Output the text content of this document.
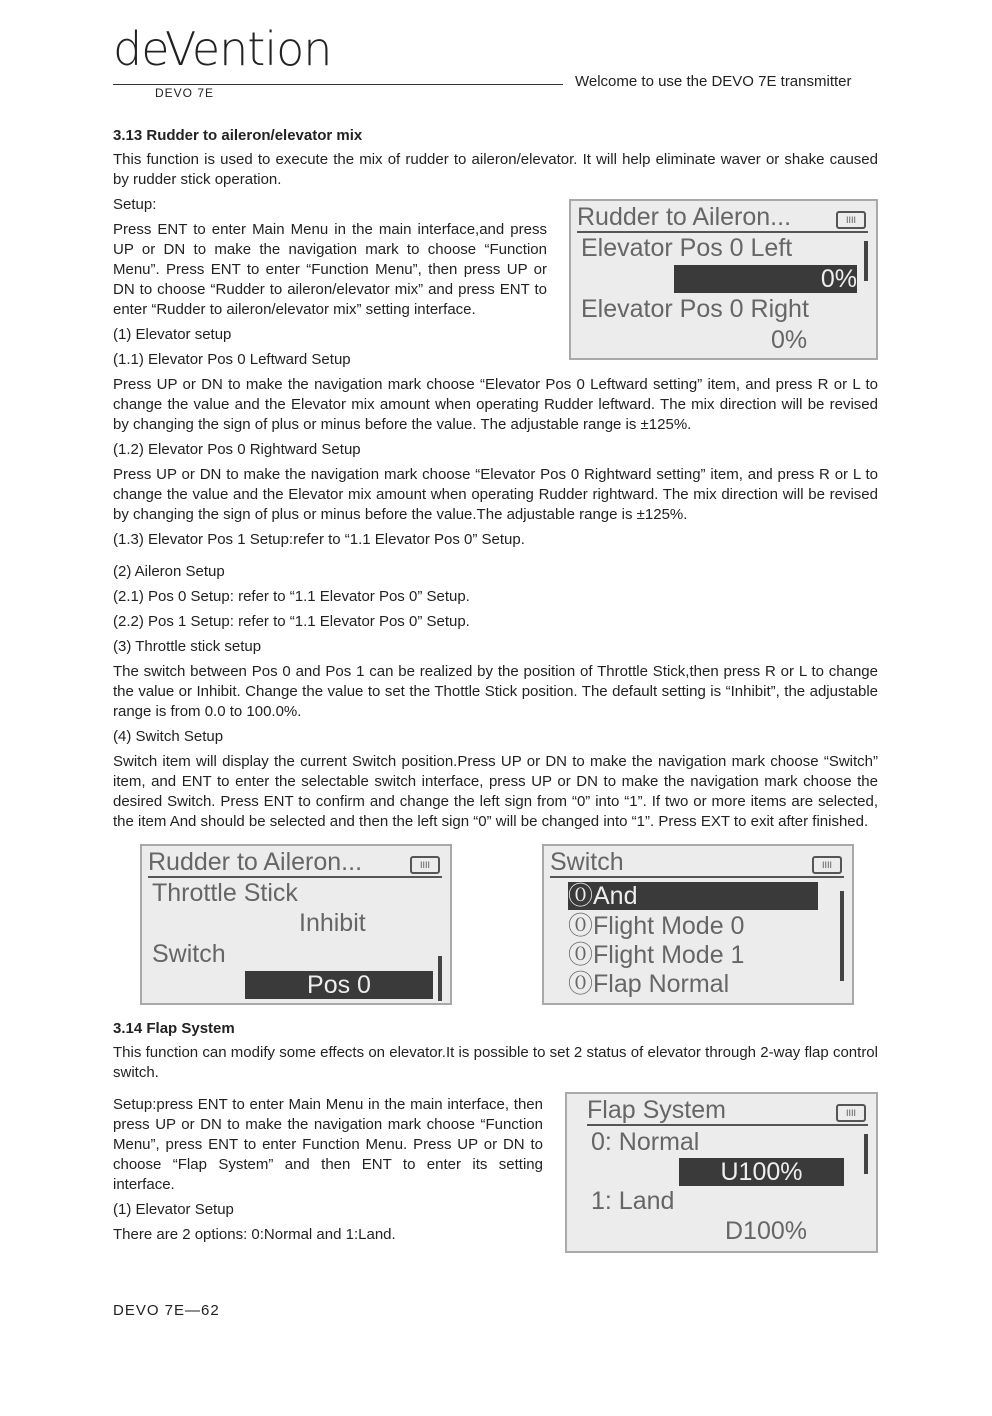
deVention
DEVO 7E
Welcome to use the DEVO 7E transmitter
3.13 Rudder to aileron/elevator mix
This function is used to execute the mix of rudder to aileron/elevator. It will help eliminate waver or shake caused by rudder stick operation.
Rudder to Aileron...	IIII
Elevator Pos 0 Left
0%
Elevator Pos 0 Right
0%
Setup:
Press ENT to enter Main Menu in the main interface,and press UP or DN to make the navigation mark to choose “Function Menu”. Press ENT to enter “Function Menu”, then press UP or DN to choose “Rudder to aileron/elevator mix” and press ENT to enter “Rudder to aileron/elevator mix” setting interface.
(1) Elevator setup
(1.1) Elevator Pos 0 Leftward Setup
Press UP or DN to make the navigation mark choose “Elevator Pos 0 Leftward setting” item, and press R or L to change the value and the Elevator mix amount when operating Rudder leftward. The mix direction will be revised by changing the sign of plus or minus before the value. The adjustable range is ±125%.
(1.2) Elevator Pos 0 Rightward Setup
Press UP or DN to make the navigation mark choose “Elevator Pos 0 Rightward setting” item, and press R or L to change the value and the Elevator mix amount when operating Rudder rightward. The mix direction will be revised by changing the sign of plus or minus before the value.The adjustable range is ±125%.
(1.3) Elevator Pos 1 Setup:refer to “1.1 Elevator Pos 0” Setup.
(2) Aileron Setup
(2.1) Pos 0 Setup: refer to “1.1 Elevator Pos 0” Setup.
(2.2) Pos 1 Setup: refer to “1.1 Elevator Pos 0” Setup.
(3) Throttle stick setup
The switch between Pos 0 and Pos 1 can be realized by the position of Throttle Stick,then press R or L to change the value or Inhibit. Change the value to set the Thottle Stick position. The default setting is “Inhibit”, the adjustable range is from 0.0 to 100.0%.
(4) Switch Setup
Switch item will display the current Switch position.Press UP or DN to make the navigation mark choose “Switch” item, and ENT to enter the selectable switch interface, press UP or DN to make the navigation mark choose the desired Switch. Press ENT to confirm and change the left sign from “0” into “1”. If two or more items are selected, the item And should be selected and then the left sign “0” will be changed into “1”. Press EXT to exit after finished.
Rudder to Aileron...	IIII
Throttle Stick
Inhibit
Switch
Pos 0
Switch	IIII
⓪And
⓪Flight Mode 0
⓪Flight Mode 1
⓪Flap Normal
3.14 Flap System
This function can modify some effects on elevator.It is possible to set 2 status of elevator through 2-way flap control switch.
Flap System	IIII
0: Normal
U100%
1: Land
D100%
Setup:press ENT to enter Main Menu in the main interface, then press UP or DN to make the navigation mark choose “Function Menu”, press ENT to enter Function Menu. Press UP or DN to choose “Flap System” and then ENT to enter its setting interface.
(1) Elevator Setup
There are 2 options: 0:Normal and 1:Land.
DEVO 7E—62
